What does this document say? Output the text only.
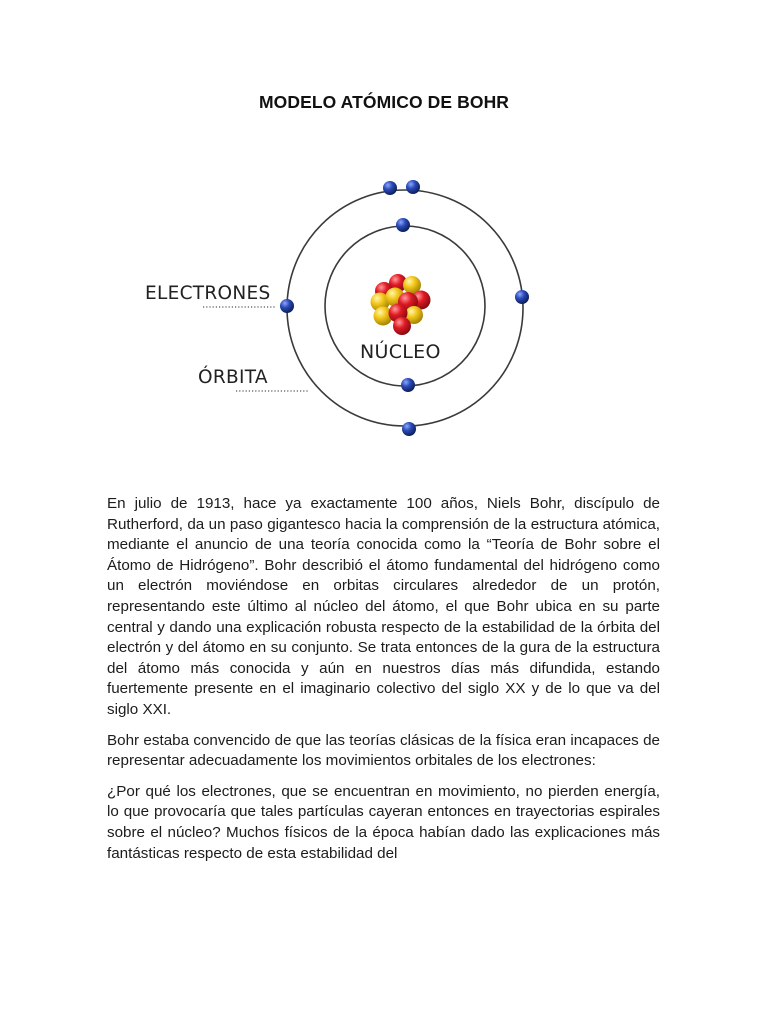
MODELO ATÓMICO DE BOHR
ELECTRONES
ÓRBITA
NÚCLEO

En julio de 1913, hace ya exactamente 100 años, Niels Bohr, discípulo de Rutherford, da un paso gigantesco hacia la comprensión de la estructura atómica, mediante el anuncio de una teoría conocida como la “Teoría de Bohr sobre el Átomo de Hidrógeno”. Bohr describió el átomo fundamental del hidrógeno como un electrón moviéndose en orbitas circulares alrededor de un protón, representando este último al núcleo del átomo, el que Bohr ubica en su parte central y dando una explicación robusta respecto de la estabilidad de la órbita del electrón y del átomo en su conjunto. Se trata entonces de la gura de la estructura del átomo más conocida y aún en nuestros días más difundida, estando fuertemente presente en el imaginario colectivo del siglo XX y de lo que va del siglo XXI.

Bohr estaba convencido de que las teorías clásicas de la física eran incapaces de representar adecuadamente los movimientos orbitales de los electrones:

¿Por qué los electrones, que se encuentran en movimiento, no pierden energía, lo que provocaría que tales partículas cayeran entonces en trayectorias espirales sobre el núcleo? Muchos físicos de la época habían dado las explicaciones más fantásticas respecto de esta estabilidad del
